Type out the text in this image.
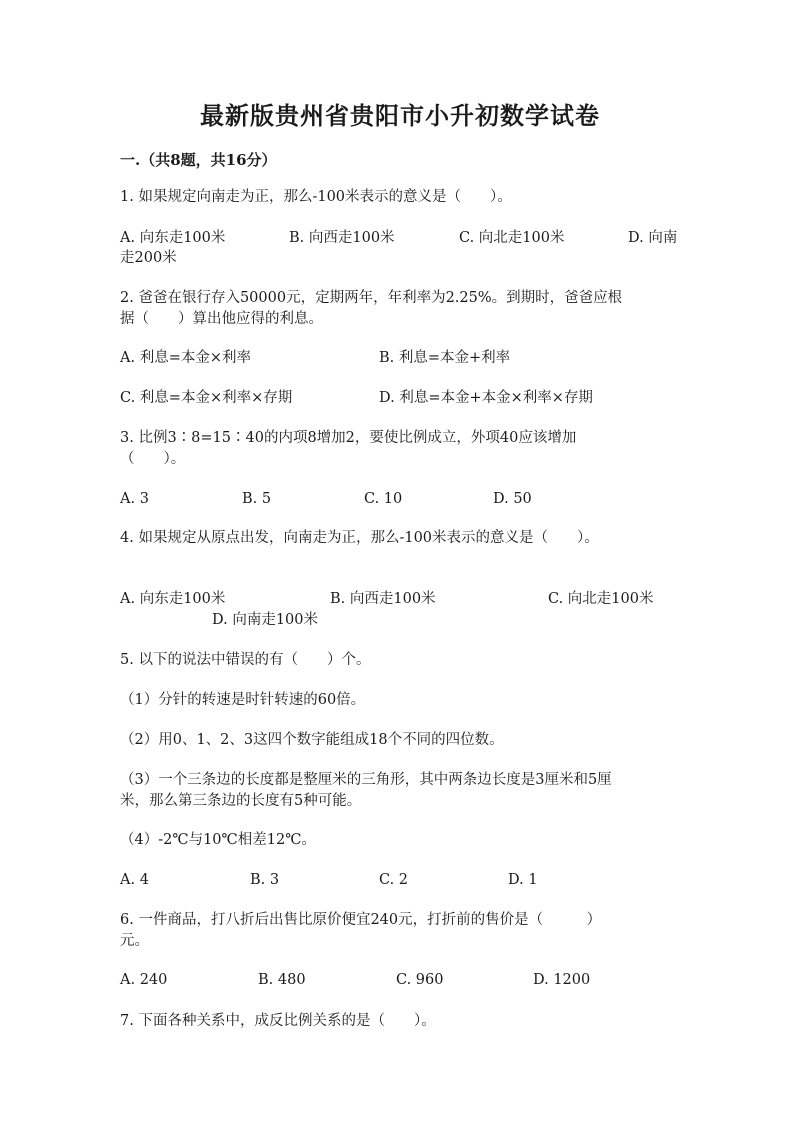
最新版贵州省贵阳市小升初数学试卷
一.（共8题，共16分）
1. 如果规定向南走为正，那么-100米表示的意义是（　　）。
A. 向东走100米	B. 向西走100米	C. 向北走100米	D. 向南
走200米
2. 爸爸在银行存入50000元，定期两年，年利率为2.25%。到期时，爸爸应根
据（　　）算出他应得的利息。
A. 利息=本金×利率	B. 利息=本金+利率
C. 利息=本金×利率×存期	D. 利息=本金+本金×利率×存期
3. 比例3∶8=15∶40的内项8增加2，要使比例成立，外项40应该增加
（　　）。
A. 3	B. 5	C. 10	D. 50
4. 如果规定从原点出发，向南走为正，那么-100米表示的意义是（　　）。
A. 向东走100米	B. 向西走100米	C. 向北走100米
D. 向南走100米
5. 以下的说法中错误的有（　　）个。
（1）分针的转速是时针转速的60倍。
（2）用0、1、2、3这四个数字能组成18个不同的四位数。
（3）一个三条边的长度都是整厘米的三角形，其中两条边长度是3厘米和5厘
米，那么第三条边的长度有5种可能。
（4）-2℃与10℃相差12℃。
A. 4	B. 3	C. 2	D. 1
6. 一件商品，打八折后出售比原价便宜240元，打折前的售价是（　　　）
元。
A. 240	B. 480	C. 960	D. 1200
7. 下面各种关系中，成反比例关系的是（　　）。
